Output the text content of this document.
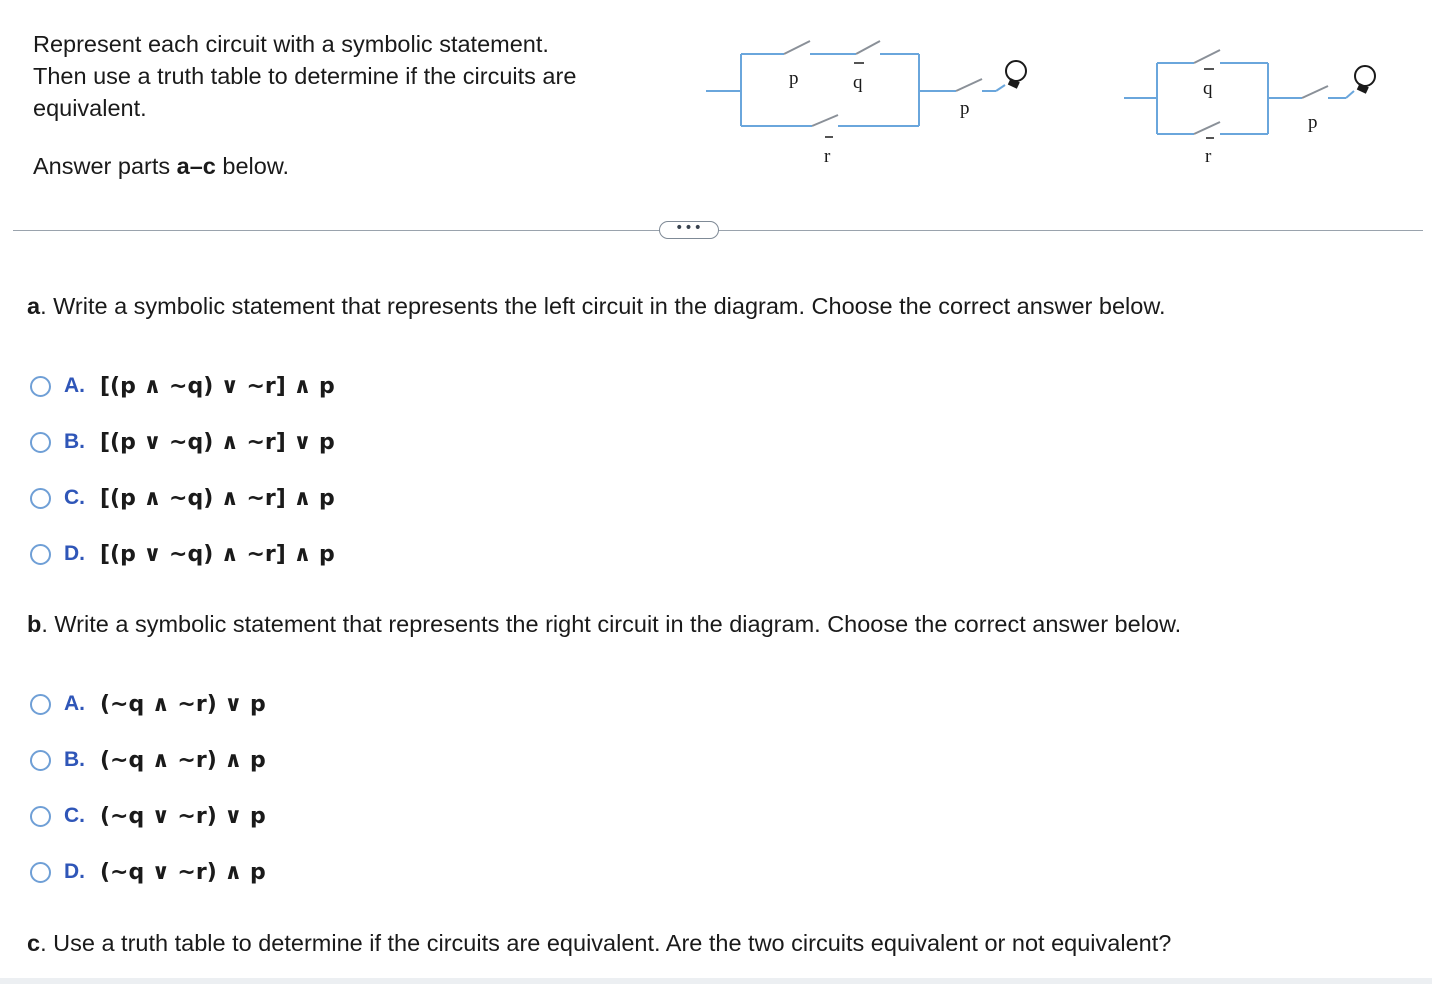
Represent each circuit with a symbolic statement.

Then use a truth table to determine if the circuits are

equivalent.

Answer parts a–c below.

p	q
r
p
q
r
p
•••

a. Write a symbolic statement that represents the left circuit in the diagram. Choose the correct answer below.

A. [(p ∧ ~q) ∨ ~r] ∧ p
B. [(p ∨ ~q) ∧ ~r] ∨ p
C. [(p ∧ ~q) ∧ ~r] ∧ p
D. [(p ∨ ~q) ∧ ~r] ∧ p

b. Write a symbolic statement that represents the right circuit in the diagram. Choose the correct answer below.

A. (~q ∧ ~r) ∨ p
B. (~q ∧ ~r) ∧ p
C. (~q ∨ ~r) ∨ p
D. (~q ∨ ~r) ∧ p

c. Use a truth table to determine if the circuits are equivalent. Are the two circuits equivalent or not equivalent?
